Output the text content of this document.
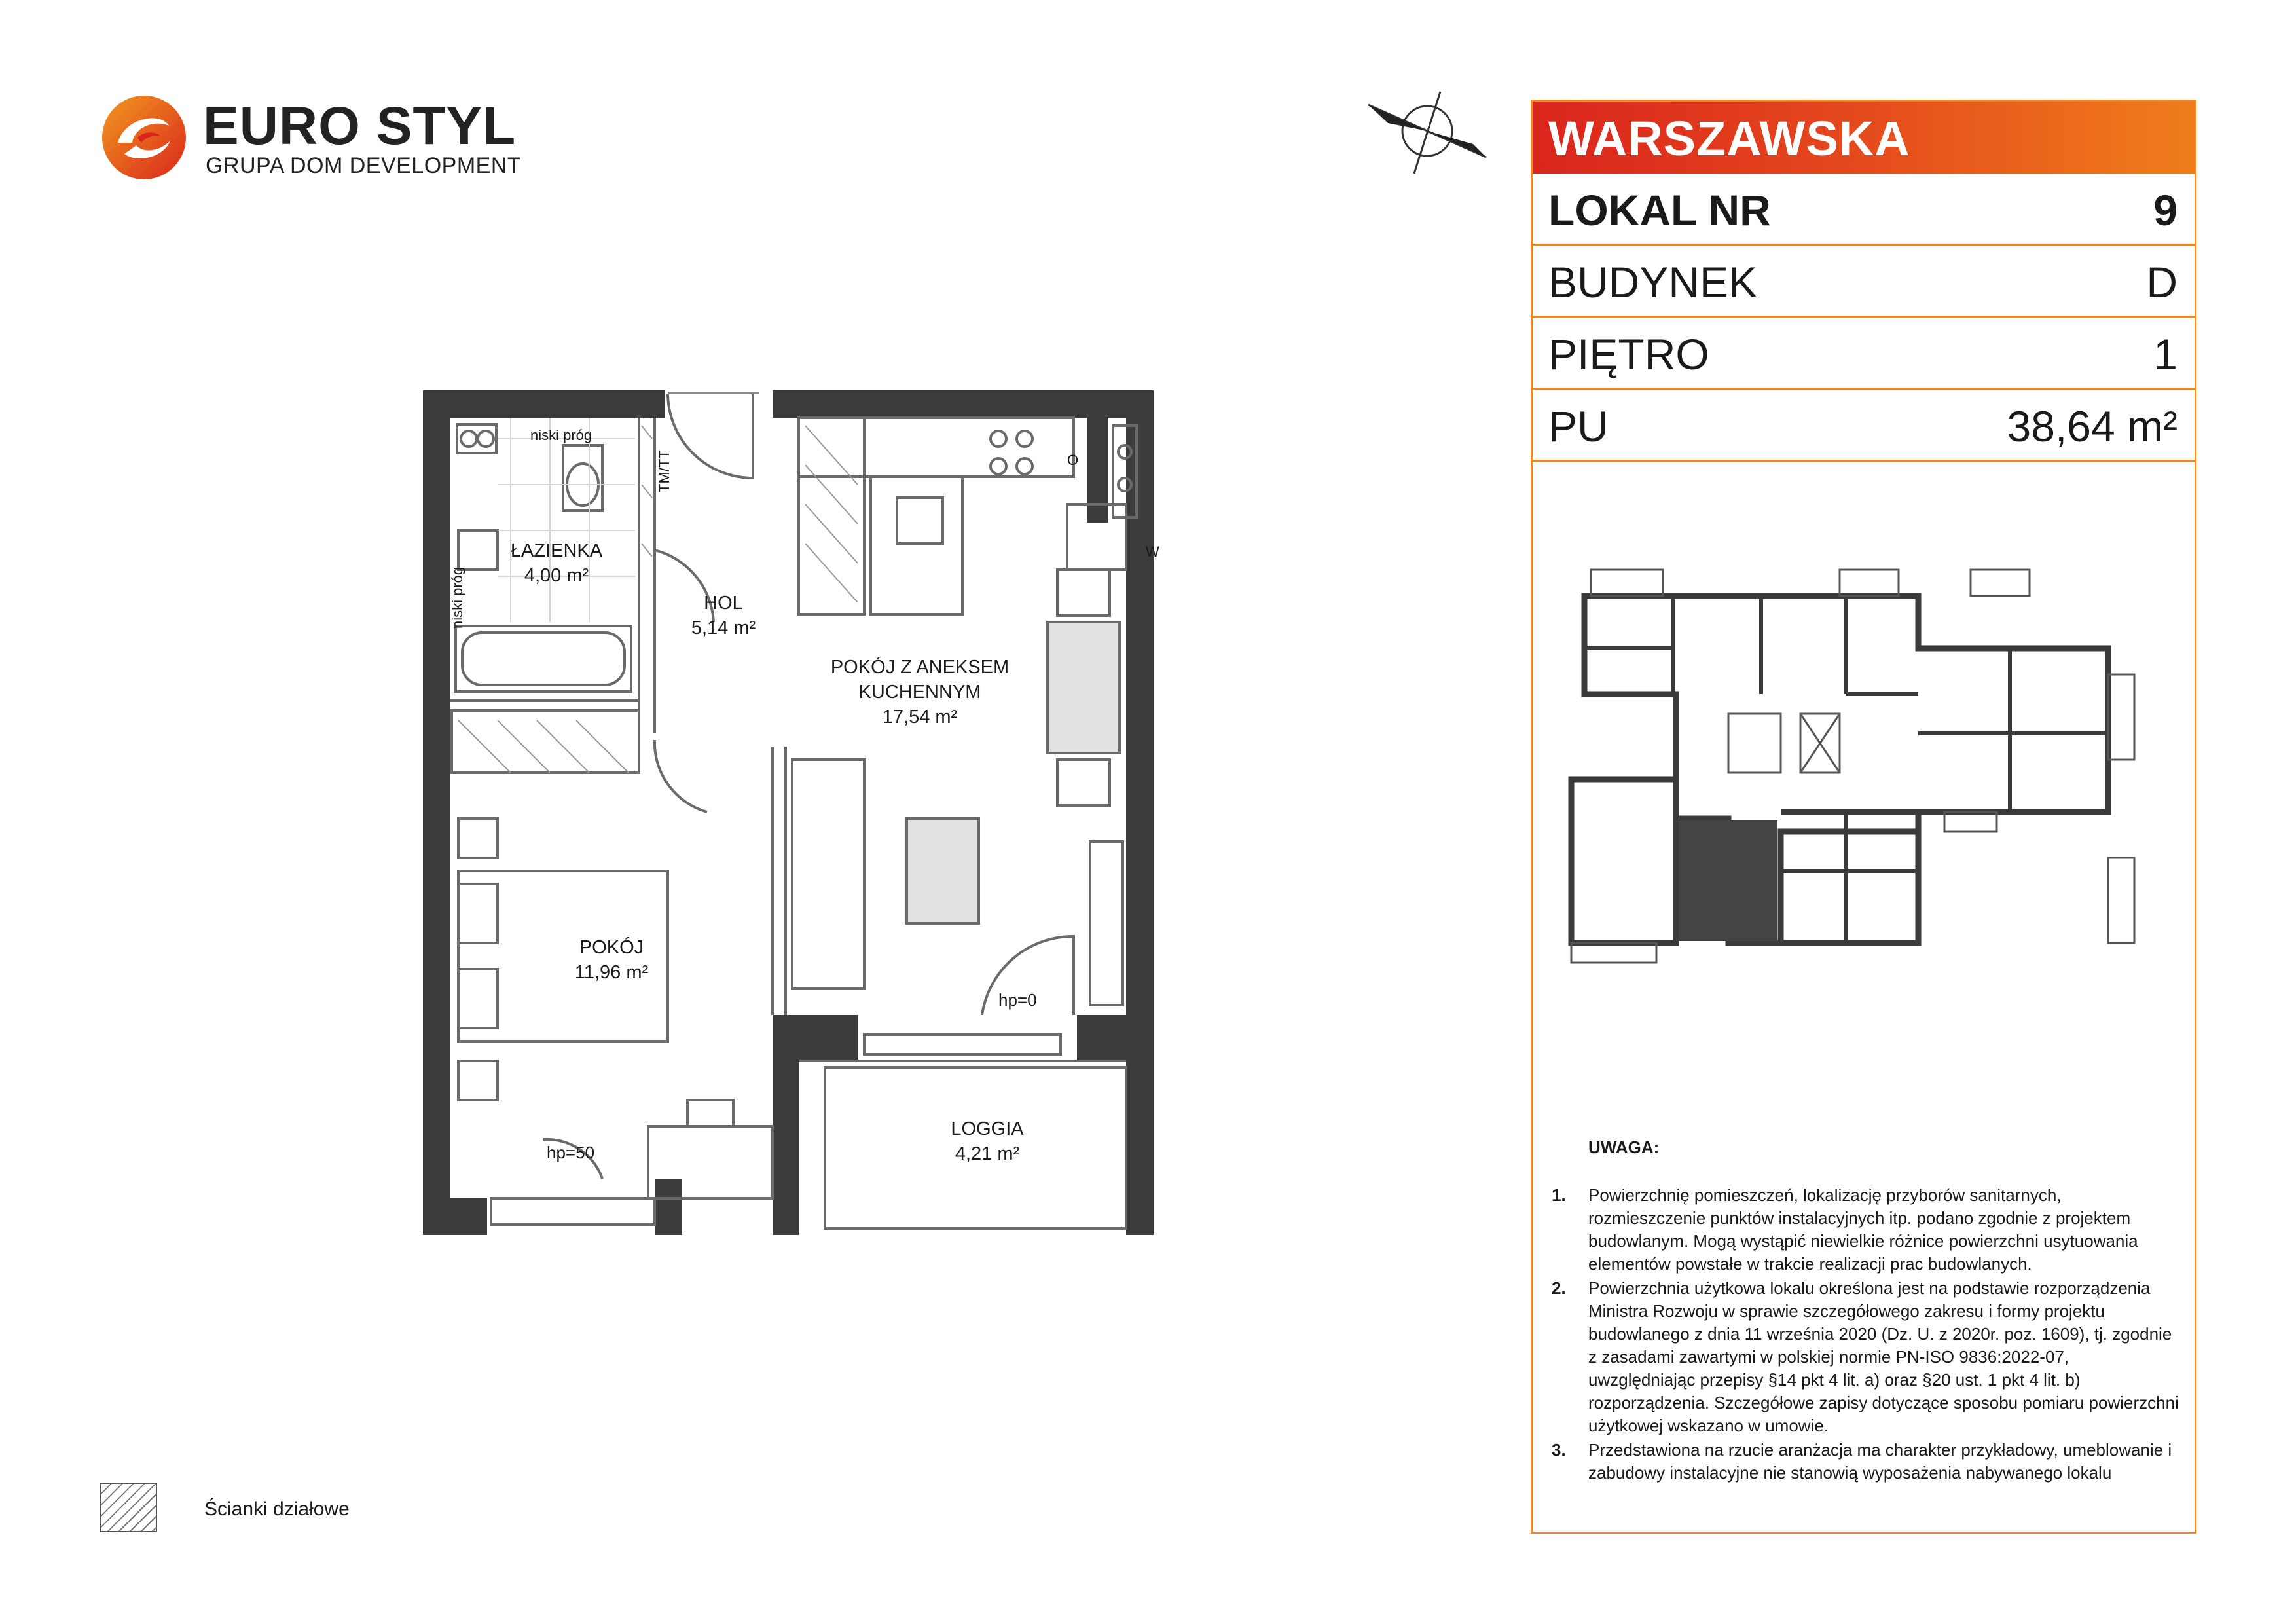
EURO STYL
GRUPA DOM DEVELOPMENT	WARSZAWSKA
LOKAL NR	9
BUDYNEK	D
PIĘTRO	1
PU	38,64 m²
UWAGA:
1. Powierzchnię pomieszczeń, lokalizację przyborów sanitarnych, rozmieszczenie punktów instalacyjnych itp. podano zgodnie z projektem budowlanym. Mogą wystąpić niewielkie różnice powierzchni usytuowania elementów powstałe w trakcie realizacji prac budowlanych.
2. Powierzchnia użytkowa lokalu określona jest na podstawie rozporządzenia Ministra Rozwoju w sprawie szczegółowego zakresu i formy projektu budowlanego z dnia 11 września 2020 (Dz. U. z 2020r. poz. 1609), tj. zgodnie z zasadami zawartymi w polskiej normie PN-ISO 9836:2022-07, uwzględniając przepisy §14 pkt 4 lit. a) oraz §20 ust. 1 pkt 4 lit. b) rozporządzenia. Szczegółowe zapisy dotyczące sposobu pomiaru powierzchni użytkowej wskazano w umowie.
3. Przedstawiona na rzucie aranżacja ma charakter przykładowy, umeblowanie i zabudowy instalacyjne nie stanowią wyposażenia nabywanego lokalu
ŁAZIENKA
4,00 m²
HOL
5,14 m²
POKÓJ Z ANEKSEM
KUCHENNYM
17,54 m²
POKÓJ
11,96 m²
LOGGIA
4,21 m²
niski próg
niski próg
TM/TT	O
W
hp=0
hp=50
Ścianki działowe
